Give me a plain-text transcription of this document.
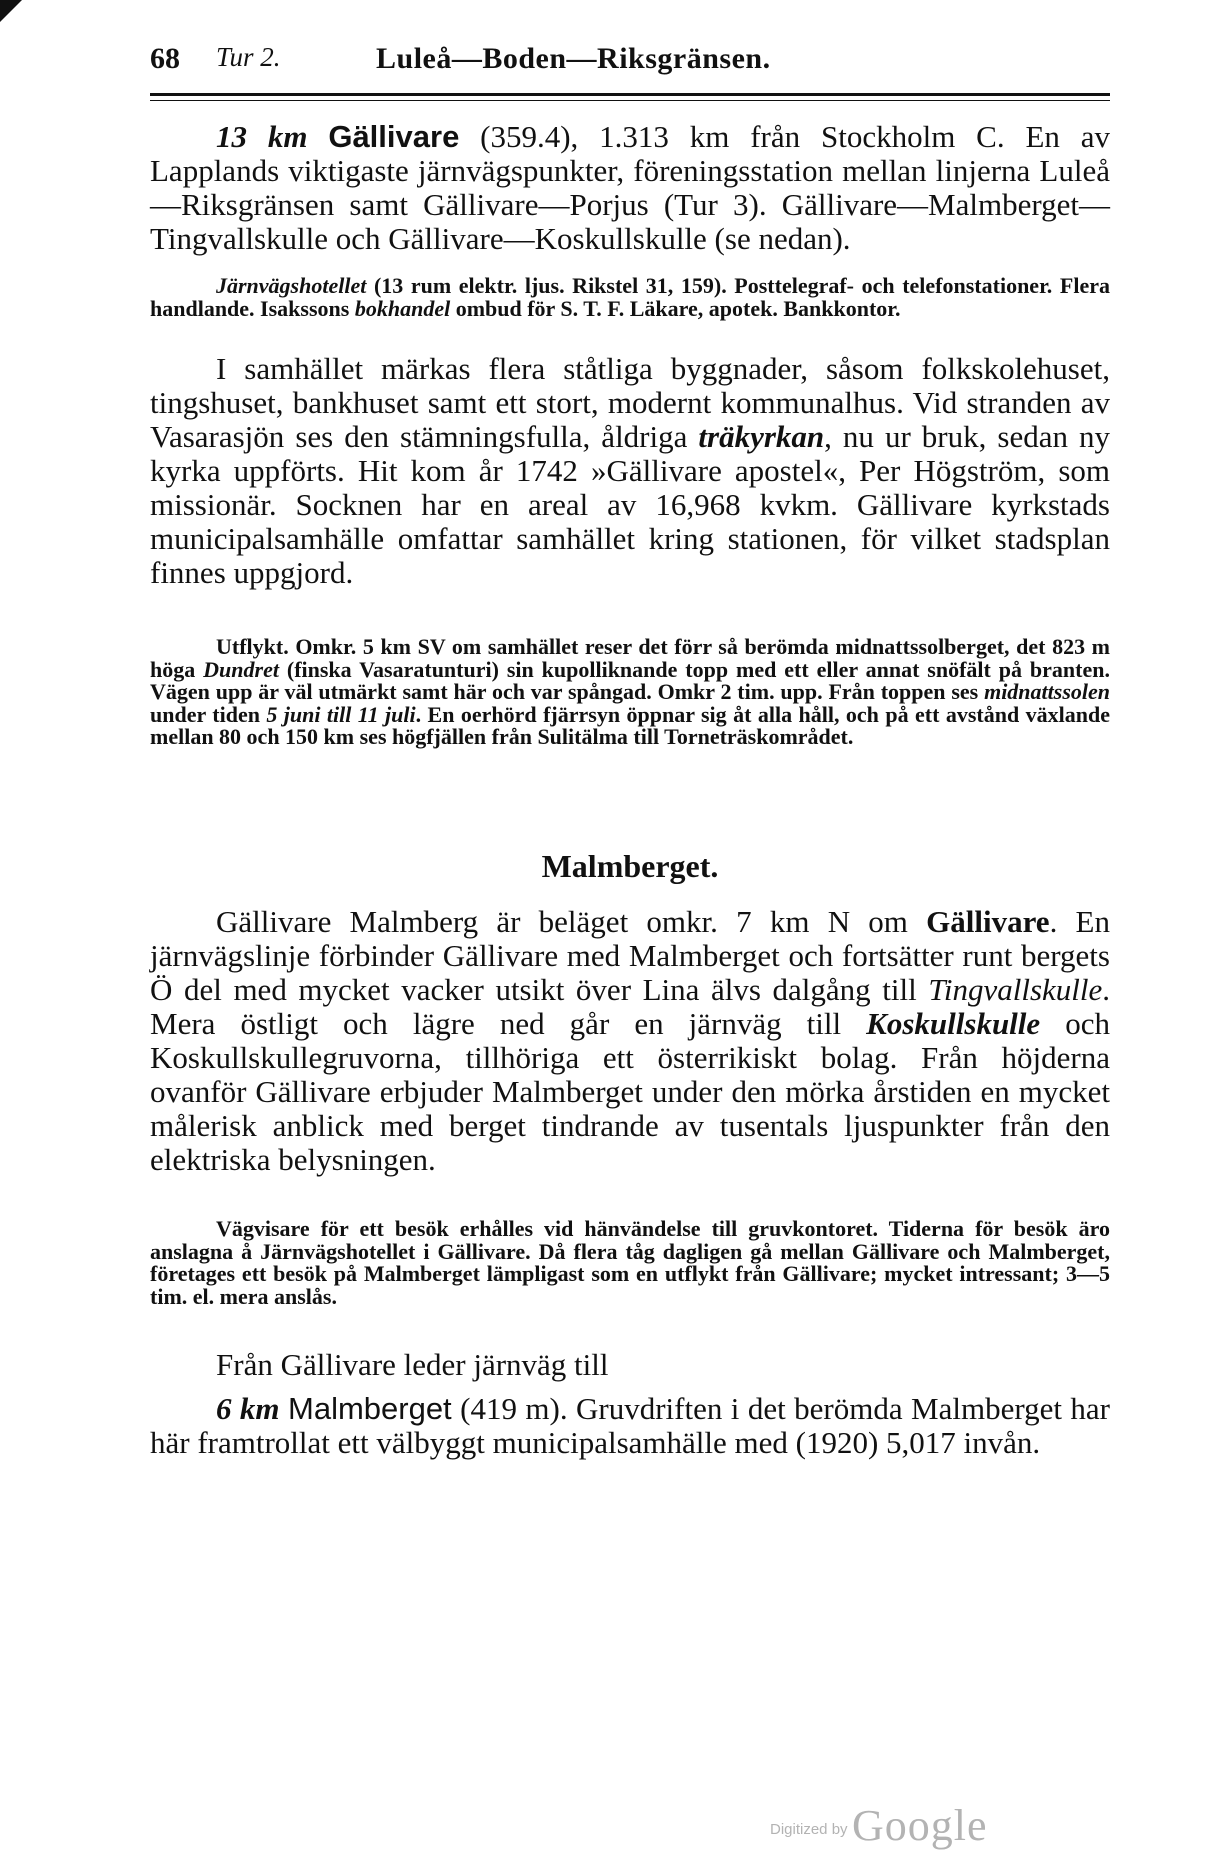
68 Tur 2.	Luleå—Boden—Riksgränsen.

13 km Gällivare (359.4), 1.313 km från Stockholm C. En av Lapplands viktigaste järnvägspunkter, föreningsstation mellan linjerna Luleå—Riksgränsen samt Gällivare—Porjus (Tur 3). Gällivare—Malmberget—Tingvallskulle och Gällivare—Koskullskulle (se nedan).

Järnvägshotellet (13 rum elektr. ljus. Rikstel 31, 159). Posttelegraf- och telefonstationer. Flera handlande. Isakssons bokhandel ombud för S. T. F. Läkare, apotek. Bankkontor.

I samhället märkas flera ståtliga byggnader, såsom folkskolehuset, tingshuset, bankhuset samt ett stort, modernt kommunalhus. Vid stranden av Vasarasjön ses den stämningsfulla, åldriga träkyrkan, nu ur bruk, sedan ny kyrka uppförts. Hit kom år 1742 »Gällivare apostel«, Per Högström, som missionär. Socknen har en areal av 16,968 kvkm. Gällivare kyrkstads municipalsamhälle omfattar samhället kring stationen, för vilket stadsplan finnes uppgjord.

Utflykt. Omkr. 5 km SV om samhället reser det förr så berömda midnattssolberget, det 823 m höga Dundret (finska Vasaratunturi) sin kupolliknande topp med ett eller annat snöfält på branten. Vägen upp är väl utmärkt samt här och var spångad. Omkr 2 tim. upp. Från toppen ses midnattssolen under tiden 5 juni till 11 juli. En oerhörd fjärrsyn öppnar sig åt alla håll, och på ett avstånd växlande mellan 80 och 150 km ses högfjällen från Sulitälma till Torneträskområdet.

Malmberget.

Gällivare Malmberg är beläget omkr. 7 km N om Gällivare. En järnvägslinje förbinder Gällivare med Malmberget och fortsätter runt bergets Ö del med mycket vacker utsikt över Lina älvs dalgång till Tingvallskulle. Mera östligt och lägre ned går en järnväg till Koskullskulle och Koskullskullegruvorna, tillhöriga ett österrikiskt bolag. Från höjderna ovanför Gällivare erbjuder Malmberget under den mörka årstiden en mycket målerisk anblick med berget tindrande av tusentals ljuspunkter från den elektriska belysningen.

Vägvisare för ett besök erhålles vid hänvändelse till gruvkontoret. Tiderna för besök äro anslagna å Järnvägshotellet i Gällivare. Då flera tåg dagligen gå mellan Gällivare och Malmberget, företages ett besök på Malmberget lämpligast som en utflykt från Gällivare; mycket intressant; 3—5 tim. el. mera anslås.

Från Gällivare leder järnväg till

6 km Malmberget (419 m). Gruvdriften i det berömda Malmberget har här framtrollat ett välbyggt municipalsamhälle med (1920) 5,017 invån.

Digitized by Google
